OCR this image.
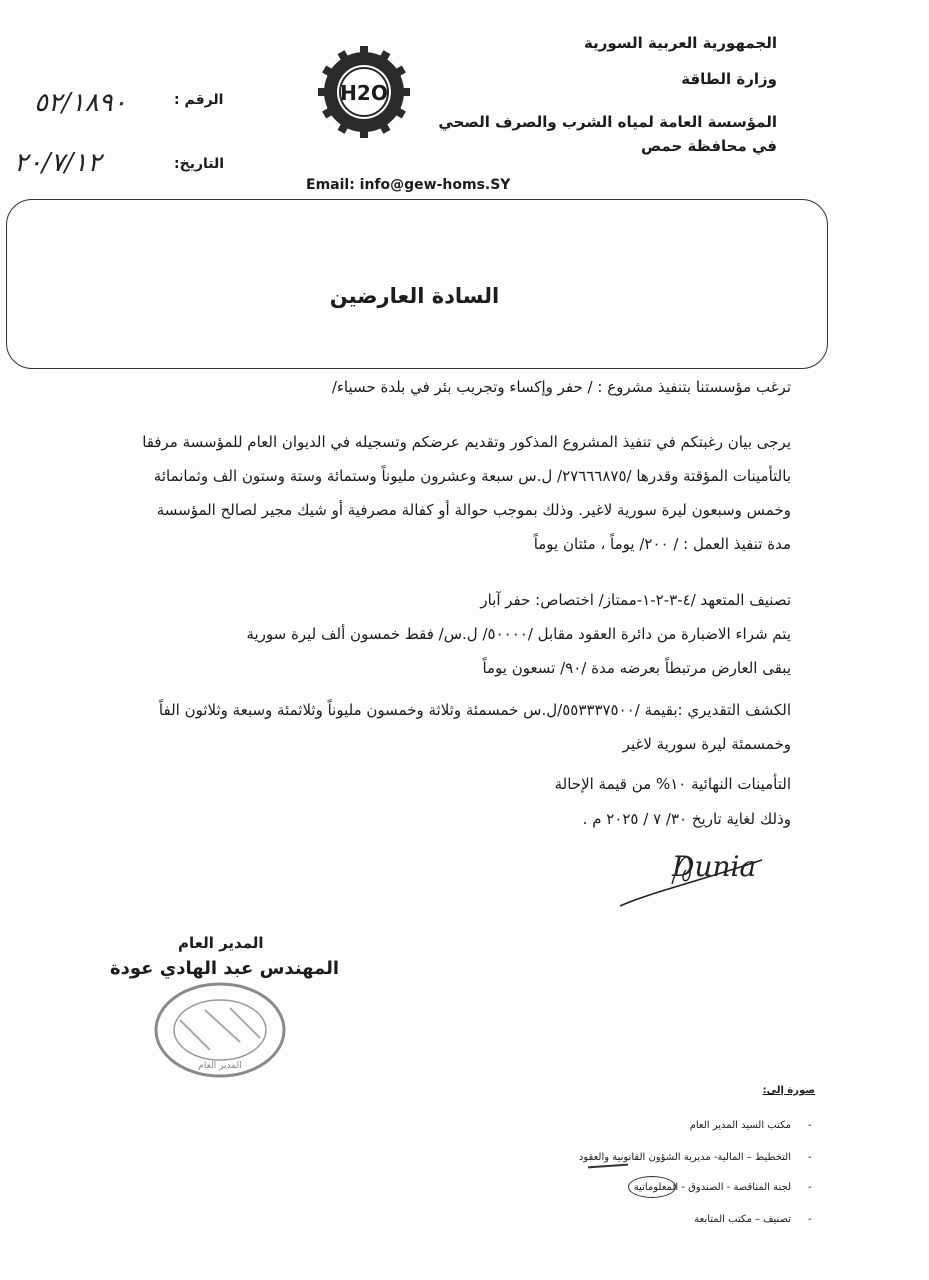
الجمهورية العربية السورية
وزارة الطاقة
المؤسسة العامة لمياه الشرب والصرف الصحي
في محافظة حمص
H2O
الرقم :
٥٢/١٨٩٠
التاريخ:
٢٠/٧/١٢
Email: info@gew-homs.SY
السادة العارضين
ترغب مؤسستنا بتنفيذ مشروع : / حفر وإكساء وتجريب بئر في بلدة حسياء/
يرجى بيان رغبتكم في تنفيذ المشروع المذكور وتقديم عرضكم وتسجيله في الديوان العام للمؤسسة مرفقا
بالتأمينات المؤقتة وقدرها /٢٧٦٦٦٨٧٥/ ل.س سبعة وعشرون مليوناً وستمائة وستة وستون الف وثمانمائة
وخمس وسبعون ليرة سورية لاغير. وذلك بموجب حوالة أو كفالة مصرفية أو شيك مجير لصالح المؤسسة
مدة تنفيذ العمل : / ٢٠٠/ يوماً ، مئتان يوماً
تصنيف المتعهد /٤-٣-٢-١-ممتاز/ اختصاص: حفر آبار
يتم شراء الاضبارة من دائرة العقود مقابل /٥٠٠٠٠/ ل.س/ فقط خمسون ألف ليرة سورية
يبقى العارض مرتبطاً بعرضه مدة /٩٠/ تسعون يوماً
الكشف التقديري :بقيمة /٥٥٣٣٣٧٥٠٠/ل.س خمسمئة وثلاثة وخمسون مليوناً وثلاثمئة وسبعة وثلاثون الفاً
وخمسمئة ليرة سورية لاغير
التأمينات النهائية ١٠% من قيمة الإحالة
وذلك لغاية تاريخ ٣٠/ ٧ / ٢٠٢٥ م .
Dunia
المدير العام
المهندس عبد الهادي عودة
المدير العام
صورة إلى:
مكتب السيد المدير العام -
التخطيط – المالية- مديرية الشؤون القانونية والعقود -
لجنة المناقصة - الصندوق - المعلوماتية -
تصنيف – مكتب المتابعة -
